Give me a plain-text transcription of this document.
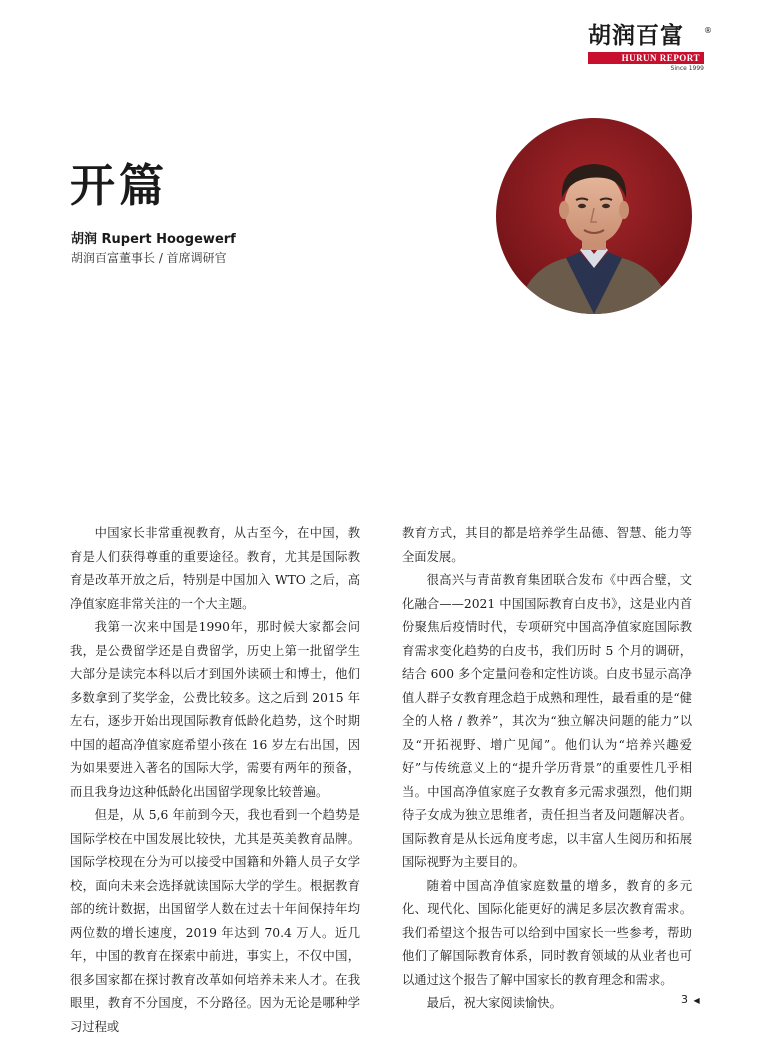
胡润百富	®
HURUN REPORT
Since 1999
开篇
胡润 Rupert Hoogewerf
胡润百富董事长 / 首席调研官

中国家长非常重视教育，从古至今，在中国，教育是人们获得尊重的重要途径。教育，尤其是国际教育是改革开放之后，特别是中国加入 WTO 之后，高净值家庭非常关注的一个大主题。

我第一次来中国是1990年，那时候大家都会问我，是公费留学还是自费留学，历史上第一批留学生大部分是读完本科以后才到国外读硕士和博士，他们多数拿到了奖学金，公费比较多。这之后到 2015 年左右，逐步开始出现国际教育低龄化趋势，这个时期中国的超高净值家庭希望小孩在 16 岁左右出国，因为如果要进入著名的国际大学，需要有两年的预备，而且我身边这种低龄化出国留学现象比较普遍。

但是，从 5,6 年前到今天，我也看到一个趋势是国际学校在中国发展比较快，尤其是英美教育品牌。国际学校现在分为可以接受中国籍和外籍人员子女学校，面向未来会选择就读国际大学的学生。根据教育部的统计数据，出国留学人数在过去十年间保持年均两位数的增长速度，2019 年达到 70.4 万人。近几年，中国的教育在探索中前进，事实上，不仅中国，很多国家都在探讨教育改革如何培养未来人才。在我眼里，教育不分国度，不分路径。因为无论是哪种学习过程或

教育方式，其目的都是培养学生品德、智慧、能力等全面发展。

很高兴与青苗教育集团联合发布《中西合璧，文化融合——2021 中国国际教育白皮书》，这是业内首份聚焦后疫情时代，专项研究中国高净值家庭国际教育需求变化趋势的白皮书，我们历时 5 个月的调研，结合 600 多个定量问卷和定性访谈。白皮书显示高净值人群子女教育理念趋于成熟和理性，最看重的是“健全的人格 / 教养”，其次为“独立解决问题的能力”以及“开拓视野、增广见闻”。他们认为“培养兴趣爱好”与传统意义上的“提升学历背景”的重要性几乎相当。中国高净值家庭子女教育多元需求强烈，他们期待子女成为独立思维者，责任担当者及问题解决者。国际教育是从长远角度考虑，以丰富人生阅历和拓展国际视野为主要目的。

随着中国高净值家庭数量的增多，教育的多元化、现代化、国际化能更好的满足多层次教育需求。我们希望这个报告可以给到中国家长一些参考，帮助他们了解国际教育体系，同时教育领域的从业者也可以通过这个报告了解中国家长的教育理念和需求。

最后，祝大家阅读愉快。	3 ◀
